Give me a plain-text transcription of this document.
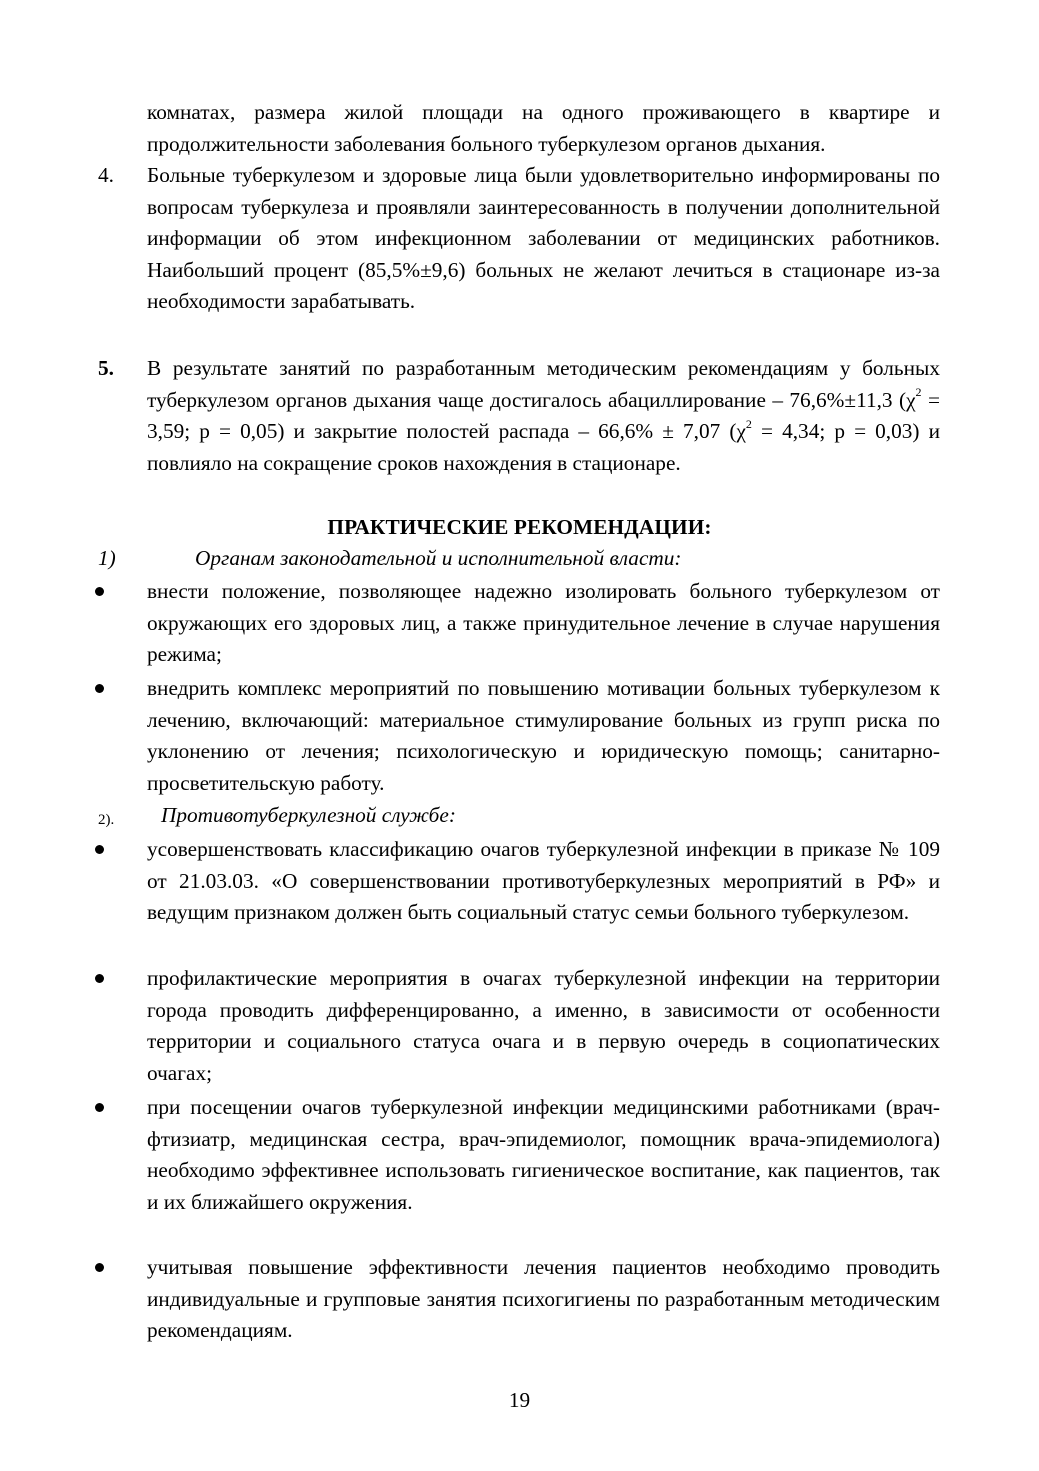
комнатах, размера жилой площади на одного проживающего в квартире и продолжительности заболевания больного туберкулезом органов дыхания.
4. Больные туберкулезом и здоровые лица были удовлетворительно информированы по вопросам туберкулеза и проявляли заинтересованность в получении дополнительной информации об этом инфекционном заболевании от медицинских работников. Наибольший процент (85,5%±9,6) больных не желают лечиться в стационаре из-за необходимости зарабатывать.
5. В результате занятий по разработанным методическим рекомендациям у больных туберкулезом органов дыхания чаще достигалось абациллирование – 76,6%±11,3 ($\chi^2 = 3,59$; p = 0,05) и закрытие полостей распада – 66,6% ± 7,07 ($\chi^2 = 4,34$; p = 0,03) и повлияло на сокращение сроков нахождения в стационаре.
ПРАКТИЧЕСКИЕ РЕКОМЕНДАЦИИ:
1)	Органам законодательной и исполнительной власти:
внести положение, позволяющее надежно изолировать больного туберкулезом от окружающих его здоровых лиц, а также принудительное лечение в случае нарушения режима;
внедрить комплекс мероприятий по повышению мотивации больных туберкулезом к лечению, включающий: материальное стимулирование больных из групп риска по уклонению от лечения; психологическую и юридическую помощь; санитарно-просветительскую работу.
2). Противотуберкулезной службе:
усовершенствовать классификацию очагов туберкулезной инфекции в приказе № 109 от 21.03.03. «О совершенствовании противотуберкулезных мероприятий в РФ» и ведущим признаком должен быть социальный статус семьи больного туберкулезом.
профилактические мероприятия в очагах туберкулезной инфекции на территории города проводить дифференцированно, а именно, в зависимости от особенности территории и социального статуса очага и в первую очередь в социопатических очагах;
при посещении очагов туберкулезной инфекции медицинскими работниками (врач-фтизиатр, медицинская сестра, врач-эпидемиолог, помощник врача-эпидемиолога) необходимо эффективнее использовать гигиеническое воспитание, как пациентов, так и их ближайшего окружения.
учитывая повышение эффективности лечения пациентов необходимо проводить индивидуальные и групповые занятия психогигиены по разработанным методическим рекомендациям.
19
